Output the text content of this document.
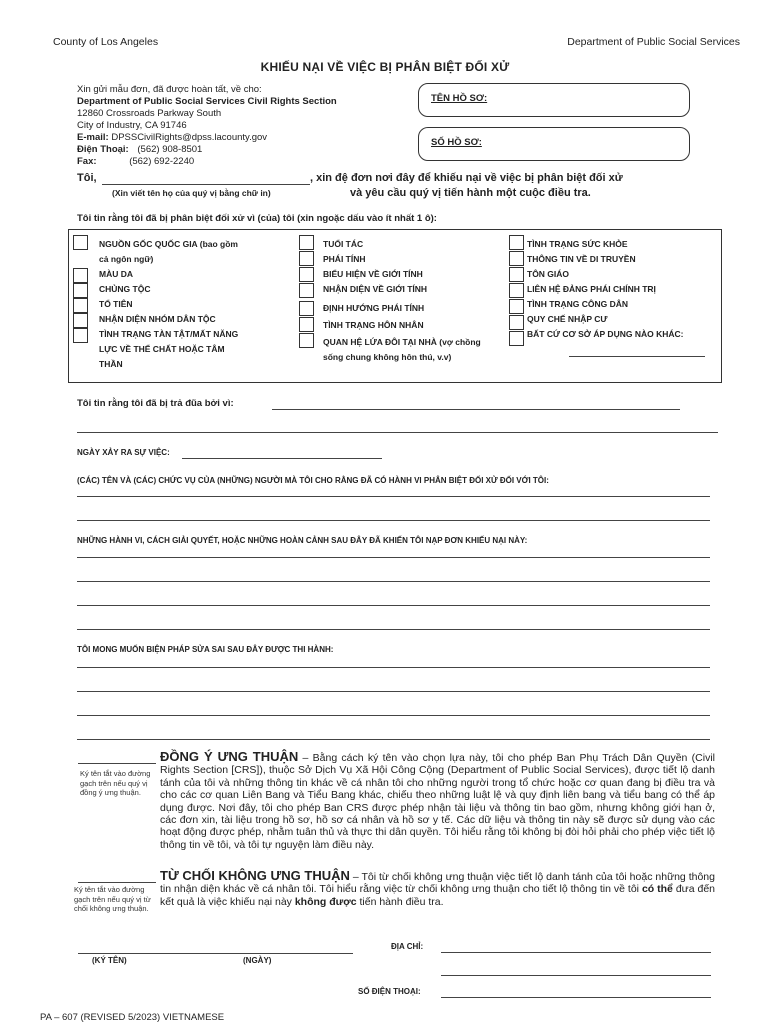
County of Los Angeles	Department of Public Social Services
KHIẾU NẠI VỀ VIỆC BỊ PHÂN BIỆT ĐỐI XỬ
Xin gửi mẫu đơn, đã được hoàn tất, về cho:
Department of Public Social Services Civil Rights Section
12860 Crossroads Parkway South
City of Industry, CA 91746
E-mail: DPSSCivilRights@dpss.lacounty.gov
Điện Thoại: (562) 908-8501
Fax:	(562) 692-2240
TÊN HỒ SƠ:
SỐ HỒ SƠ:
Tôi,	, xin đệ đơn nơi đây để khiếu nại về việc bị phân biệt đối xử
(Xin viết tên họ của quý vị bằng chữ in)	và yêu cầu quý vị tiến hành một cuộc điều tra.
Tôi tin rằng tôi đã bị phân biệt đối xử vì (của) tôi (xin ngoặc dấu vào ít nhất 1 ô):
NGUỒN GỐC QUỐC GIA (bao gồm
cả ngôn ngữ)
MÀU DA
CHỦNG TỘC
TỔ TIÊN
NHẬN DIỆN NHÓM DÂN TỘC
TÌNH TRẠNG TÀN TẬT/MẤT NĂNG
LỰC VỀ THỂ CHẤT HOẶC TÂM
THẦN
TUỔI TÁC
PHÁI TÍNH
BIỂU HIỆN VỀ GIỚI TÍNH
NHẬN DIỆN VỀ GIỚI TÍNH
ĐỊNH HƯỚNG PHÁI TÍNH
TÌNH TRẠNG HÔN NHÂN
QUAN HỆ LỨA ĐÔI TẠI NHÀ (vợ chồng
sống chung không hôn thú, v.v)
TÌNH TRẠNG SỨC KHỎE
THÔNG TIN VỀ DI TRUYỀN
TÔN GIÁO
LIÊN HỆ ĐẢNG PHÁI CHÍNH TRỊ
TÌNH TRẠNG CÔNG DÂN
QUY CHẾ NHẬP CƯ
BẤT CỨ CƠ SỞ ÁP DỤNG NÀO KHÁC:
Tôi tin rằng tôi đã bị trả đũa bởi vì:
NGÀY XẢY RA SỰ VIỆC:
(CÁC) TÊN VÀ (CÁC) CHỨC VỤ CỦA (NHỮNG) NGƯỜI MÀ TÔI CHO RẰNG ĐÃ CÓ HÀNH VI PHÂN BIỆT ĐỐI XỬ ĐỐI VỚI TÔI:
NHỮNG HÀNH VI, CÁCH GIẢI QUYẾT, HOẶC NHỮNG HOÀN CẢNH SAU ĐÂY ĐÃ KHIẾN TÔI NẠP ĐƠN KHIẾU NẠI NÀY:
TÔI MONG MUỐN BIỆN PHÁP SỬA SAI SAU ĐÂY ĐƯỢC THI HÀNH:
Ký tên tắt vào đường gạch trên nếu quý vị đồng ý ưng thuận.
ĐỒNG Ý ƯNG THUẬN – Bằng cách ký tên vào chọn lựa này, tôi cho phép Ban Phụ Trách Dân Quyền (Civil Rights Section [CRS]), thuộc Sở Dịch Vụ Xã Hội Công Cộng (Department of Public Social Services), được tiết lộ danh tánh của tôi và những thông tin khác về cá nhân tôi cho những người trong tổ chức hoặc cơ quan đang bị điều tra và cho các cơ quan Liên Bang và Tiểu Bang khác, chiếu theo những luật lệ và quy định liên bang và tiểu bang có thể áp dụng được. Nơi đây, tôi cho phép Ban CRS được phép nhận tài liệu và thông tin bao gồm, nhưng không giới hạn ở, các đơn xin, tài liệu trong hồ sơ, hồ sơ cá nhân và hồ sơ y tế. Các dữ liệu và thông tin này sẽ được sử dụng vào các hoạt động được phép, nhằm tuân thủ và thực thi dân quyền. Tôi hiểu rằng tôi không bị đòi hỏi phải cho phép việc tiết lộ thông tin về tôi, và tôi tự nguyện làm điều này.
Ký tên tắt vào đường gạch trên nếu quý vị từ chối không ưng thuận.
TỪ CHỐI KHÔNG ƯNG THUẬN – Tôi từ chối không ưng thuận việc tiết lộ danh tánh của tôi hoặc những thông tin nhận diện khác về cá nhân tôi. Tôi hiểu rằng việc từ chối không ưng thuận cho tiết lộ thông tin về tôi có thể đưa đến kết quả là việc khiếu nại này không được tiến hành điều tra.
ĐỊA CHỈ:
(KÝ TÊN)	(NGÀY)
SỐ ĐIỆN THOẠI:
PA – 607 (REVISED 5/2023) VIETNAMESE
